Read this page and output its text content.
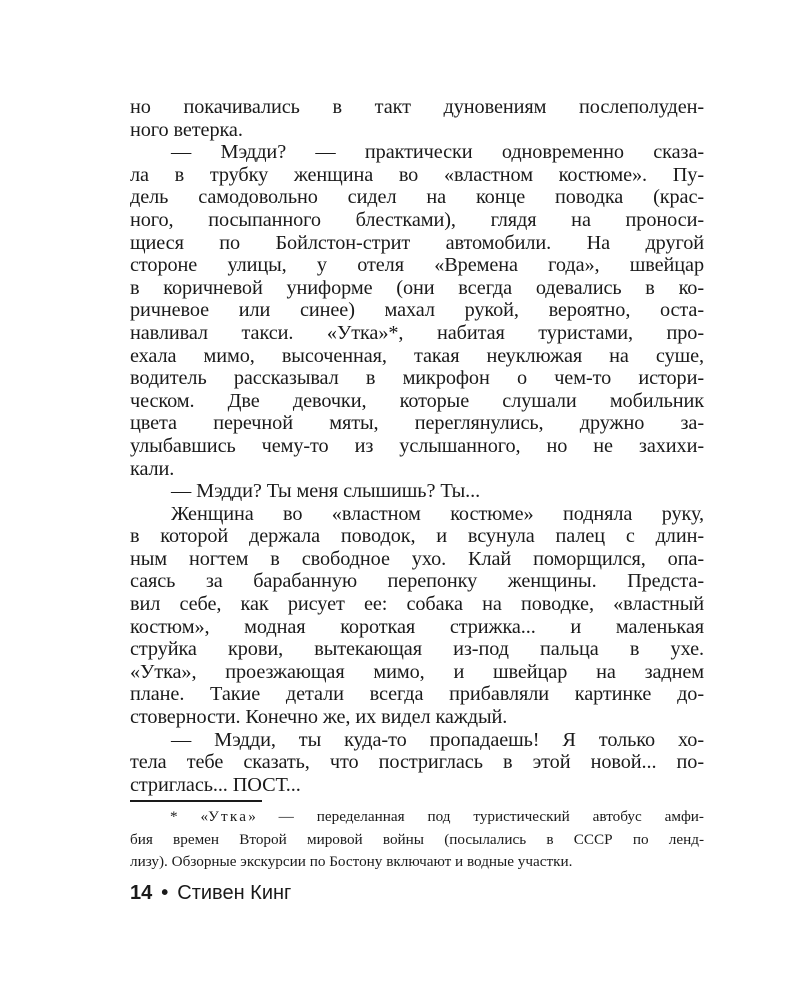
но покачивались в такт дуновениям послеполуден-
ного ветерка.
— Мэдди? — практически одновременно сказа-
ла в трубку женщина во «властном костюме». Пу-
дель самодовольно сидел на конце поводка (крас-
ного, посыпанного блестками), глядя на проноси-
щиеся по Бойлстон-стрит автомобили. На другой
стороне улицы, у отеля «Времена года», швейцар
в коричневой униформе (они всегда одевались в ко-
ричневое или синее) махал рукой, вероятно, оста-
навливал такси. «Утка»*, набитая туристами, про-
ехала мимо, высоченная, такая неуклюжая на суше,
водитель рассказывал в микрофон о чем-то истори-
ческом. Две девочки, которые слушали мобильник
цвета перечной мяты, переглянулись, дружно за-
улыбавшись чему-то из услышанного, но не захихи-
кали.
— Мэдди? Ты меня слышишь? Ты...
Женщина во «властном костюме» подняла руку,
в которой держала поводок, и всунула палец с длин-
ным ногтем в свободное ухо. Клай поморщился, опа-
саясь за барабанную перепонку женщины. Предста-
вил себе, как рисует ее: собака на поводке, «властный
костюм», модная короткая стрижка... и маленькая
струйка крови, вытекающая из-под пальца в ухе.
«Утка», проезжающая мимо, и швейцар на заднем
плане. Такие детали всегда прибавляли картинке до-
стоверности. Конечно же, их видел каждый.
— Мэдди, ты куда-то пропадаешь! Я только хо-
тела тебе сказать, что постриглась в этой новой... по-
стриглась... ПОСТ...
* «Утка» — переделанная под туристический автобус амфи-
бия времен Второй мировой войны (посылались в СССР по ленд-
лизу). Обзорные экскурсии по Бостону включают и водные участки.
14 • Стивен Кинг
